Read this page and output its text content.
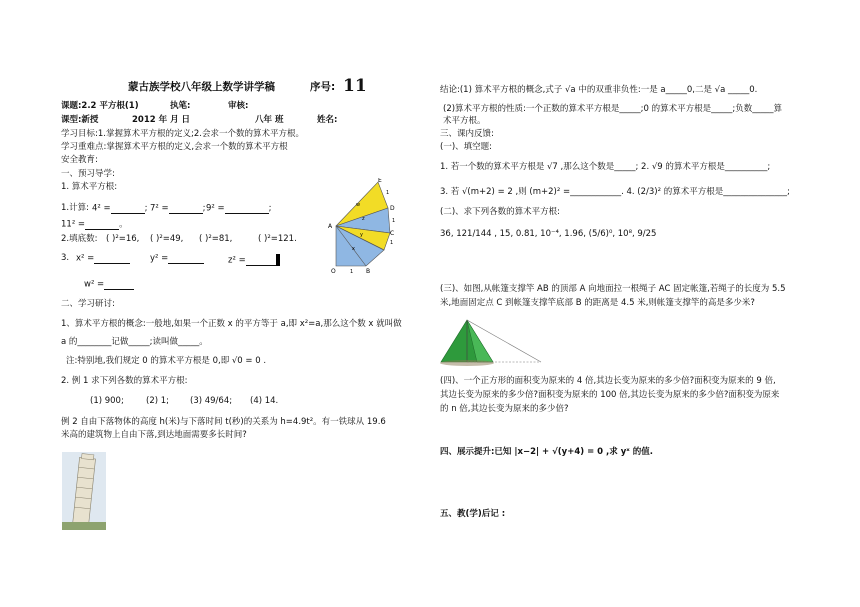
蒙古族学校八年级上数学讲学稿	序号: 11
课题:2.2 平方根(1)	执笔:	审核:
课型:新授	2012 年 月 日	八年 班	姓名:
学习目标:1.掌握算术平方根的定义;2.会求一个数的算术平方根。
学习重难点:掌握算术平方根的定义,会求一个数的算术平方根
安全教育:
一、预习导学:
1. 算术平方根:
1.计算: 4² =	; 7² =	; 9² =	;
11² =	。
2.填底数: ( )²=16, ( )²=49, ( )²=81,	( )²=121.
3. x² =	y² =	z² =
w² =
E
D
C
A
B
O
1
1
1
1
w
z
y
x
二、学习研讨:
1、算术平方根的概念:一般地,如果一个正数 x 的平方等于 a,即 x²=a,那么这个数 x 就叫做
a 的________记做_____;读叫做_____。
注:特别地,我们规定 0 的算术平方根是 0,即 √0 = 0 .
2. 例 1 求下列各数的算术平方根:
(1) 900;	(2) 1; (3) 49/64; (4) 14.
例 2 自由下落物体的高度 h(米)与下落时间 t(秒)的关系为 h=4.9t²。有一铁球从 19.6
米高的建筑物上自由下落,到达地面需要多长时间?
结论:(1) 算术平方根的概念,式子 √a 中的双重非负性:一是 a_____0,二是 √a _____0.
(2)算术平方根的性质:一个正数的算术平方根是_____;0 的算术平方根是_____;负数_____算
术平方根。
三、课内反馈:
(一)、填空题:
1. 若一个数的算术平方根是 √7 ,那么这个数是_____; 2. √9 的算术平方根是__________;
3. 若 √(m+2) = 2 ,则 (m+2)² =____________. 4. (2/3)² 的算术平方根是_______________;
(二)、求下列各数的算术平方根:
36, 121/144 , 15, 0.81, 10⁻⁴, 1.96, (5/6)⁰, 10⁸, 9/25
(三)、如图,从帐篷支撑竿 AB 的顶部 A 向地面拉一根绳子 AC 固定帐篷,若绳子的长度为 5.5
米,地面固定点 C 到帐篷支撑竿底部 B 的距离是 4.5 米,则帐篷支撑竿的高是多少米?
(四)、一个正方形的面积变为原来的 4 倍,其边长变为原来的多少倍?面积变为原来的 9 倍,
其边长变为原来的多少倍?面积变为原来的 100 倍,其边长变为原来的多少倍?面积变为原来
的 n 倍,其边长变为原来的多少倍?
四、展示提升:已知 |x−2| + √(y+4) = 0 ,求 yˣ 的值.
五、教(学)后记 :
